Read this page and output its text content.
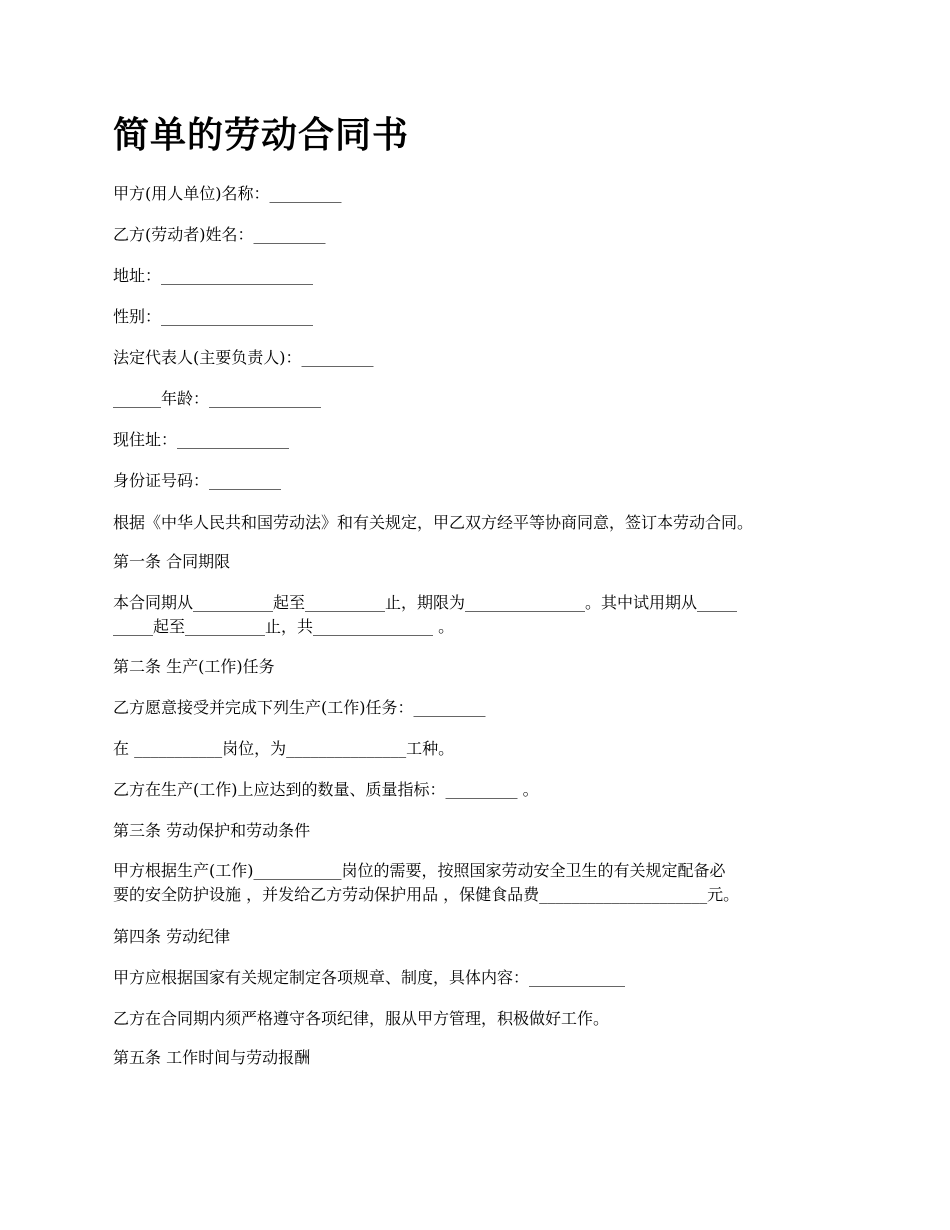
简单的劳动合同书

甲方(用人单位)名称：_________

乙方(劳动者)姓名：_________

地址：___________________

性别：___________________

法定代表人(主要负责人)：_________

______年龄：______________

现住址：______________

身份证号码：_________

根据《中华人民共和国劳动法》和有关规定，甲乙双方经平等协商同意，签订本劳动合同。

第一条 合同期限

本合同期从__________起至__________止，期限为_______________。其中试用期从_____

_____起至__________止，共_______________ 。

第二条 生产(工作)任务

乙方愿意接受并完成下列生产(工作)任务：_________

在 ___________岗位，为_______________工种。

乙方在生产(工作)上应达到的数量、质量指标：_________ 。

第三条 劳动保护和劳动条件

甲方根据生产(工作)___________岗位的需要，按照国家劳动安全卫生的有关规定配备必

要的安全防护设施 ，并发给乙方劳动保护用品 ，保健食品费_____________________元。

第四条 劳动纪律

甲方应根据国家有关规定制定各项规章、制度，具体内容：____________

乙方在合同期内须严格遵守各项纪律，服从甲方管理，积极做好工作。

第五条 工作时间与劳动报酬
